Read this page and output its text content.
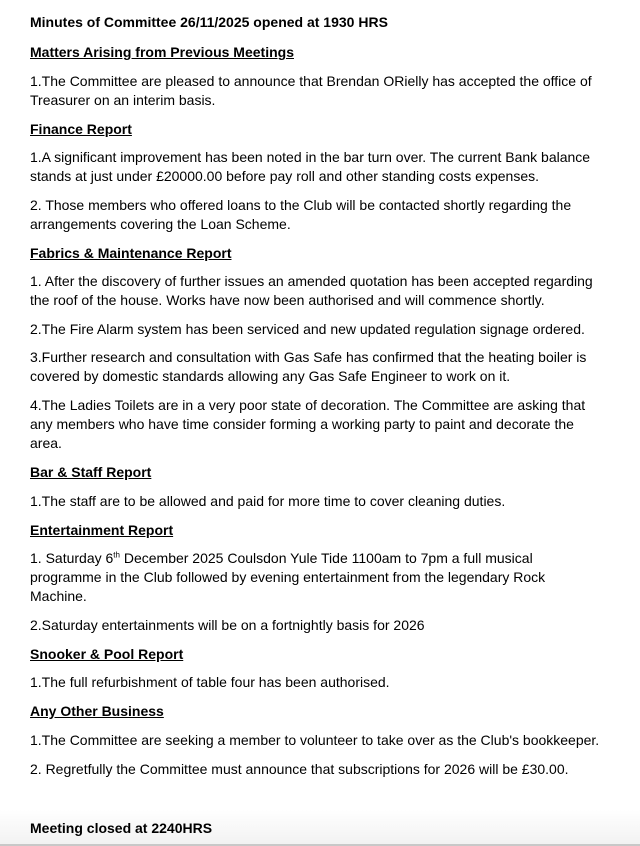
Minutes of Committee 26/11/2025 opened at 1930 HRS
Matters Arising from Previous Meetings
1.The Committee are pleased to announce that Brendan ORielly has accepted the office of Treasurer on an interim basis.
Finance Report
1.A significant improvement has been noted in the bar turn over. The current Bank balance stands at just under £20000.00 before pay roll and other standing costs expenses.
2. Those members who offered loans to the Club will be contacted shortly regarding the arrangements covering the Loan Scheme.
Fabrics & Maintenance Report
1. After the discovery of further issues an amended quotation has been accepted regarding the roof of the house. Works have now been authorised and will commence shortly.
2.The Fire Alarm system has been serviced and new updated regulation signage ordered.
3.Further research and consultation with Gas Safe has confirmed that the heating boiler is covered by domestic standards allowing any Gas Safe Engineer to work on it.
4.The Ladies Toilets are in a very poor state of decoration. The Committee are asking that any members who have time consider forming a working party to paint and decorate the area.
Bar & Staff Report
1.The staff are to be allowed and paid for more time to cover cleaning duties.
Entertainment Report
1. Saturday 6th December 2025 Coulsdon Yule Tide 1100am to 7pm a full musical programme in the Club followed by evening entertainment from the legendary Rock Machine.
2.Saturday entertainments will be on a fortnightly basis for 2026
Snooker & Pool Report
1.The full refurbishment of table four has been authorised.
Any Other Business
1.The Committee are seeking a member to volunteer to take over as the Club's bookkeeper.
2. Regretfully the Committee must announce that subscriptions for 2026 will be £30.00.
Meeting closed at 2240HRS
